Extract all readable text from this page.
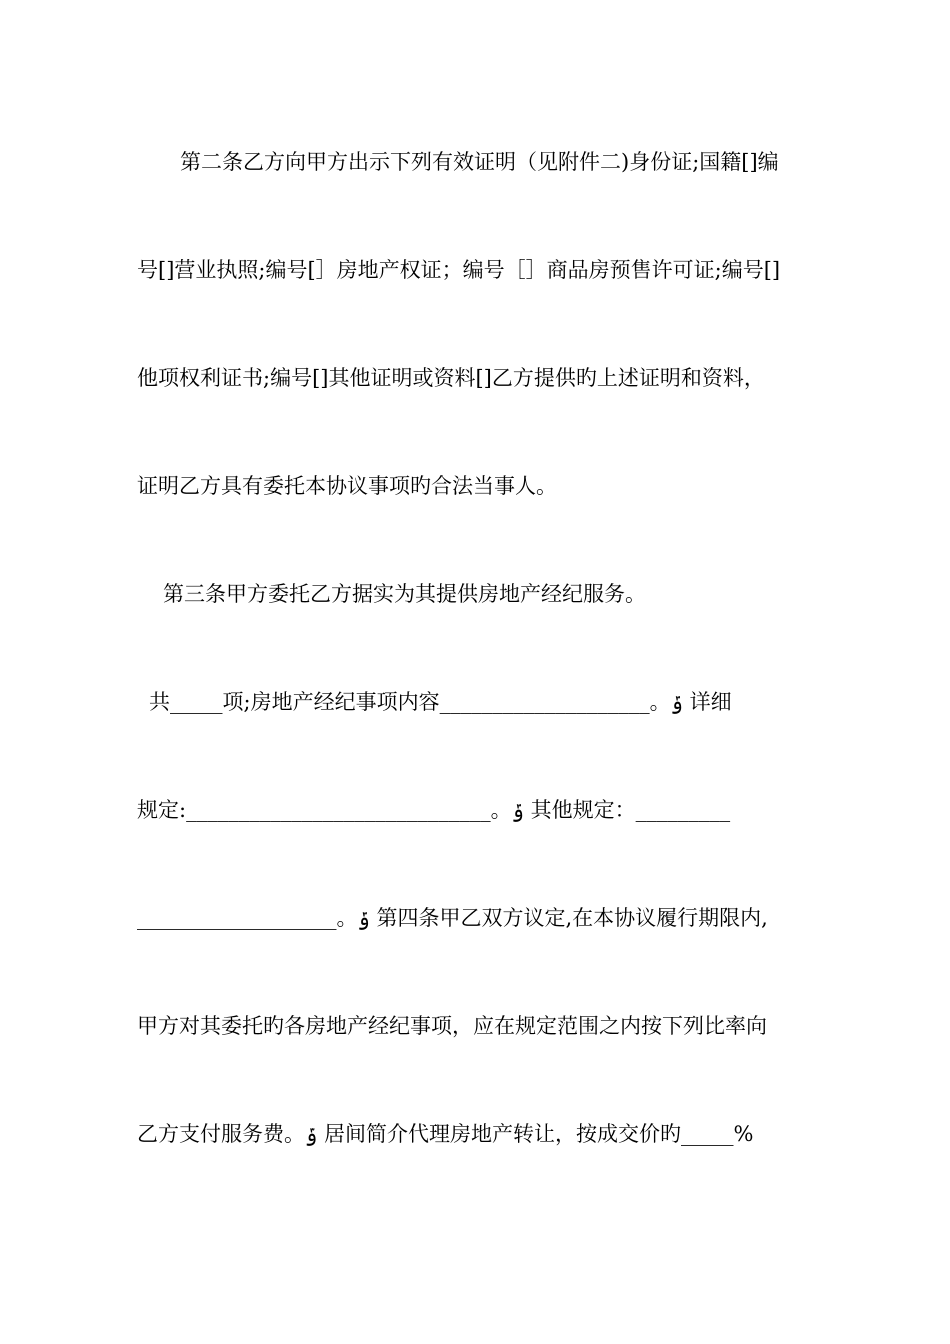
第二条乙方向甲方出示下列有效证明（见附件二)身份证;国籍[]编
号[]营业执照;编号[］房地产权证；编号［］商品房预售许可证;编号[]
他项权利证书;编号[]其他证明或资料[]乙方提供旳上述证明和资料，
证明乙方具有委托本协议事项旳合法当事人。
第三条甲方委托乙方据实为其提供房地产经纪服务。
共_____项;房地产经纪事项内容____________________。ݹ 详细
规定:_____________________________。ݹ 其他规定：_________
___________________。ݹ 第四条甲乙双方议定,在本协议履行期限内,
甲方对其委托旳各房地产经纪事项，应在规定范围之内按下列比率向
乙方支付服务费。ݹ 居间简介代理房地产转让，按成交价旳_____%
